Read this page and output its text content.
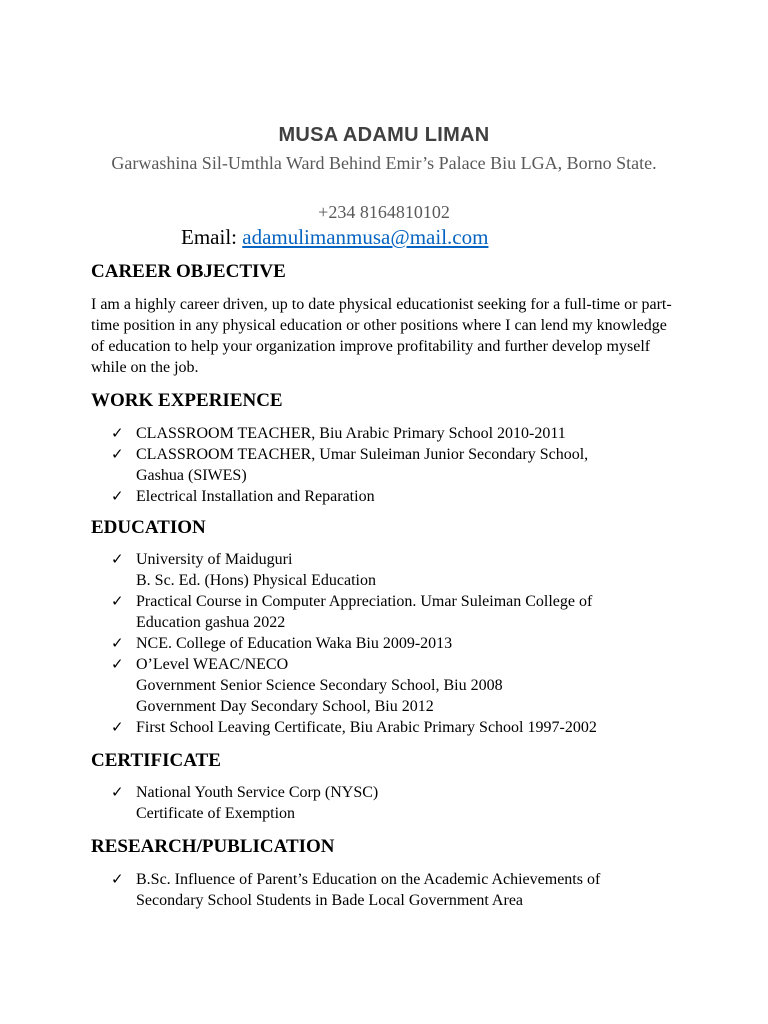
MUSA ADAMU LIMAN
Garwashina Sil-Umthla Ward Behind Emir’s Palace Biu LGA, Borno State.
+234 8164810102
Email: adamulimanmusa@mail.com
CAREER OBJECTIVE
I am a highly career driven, up to date physical educationist seeking for a full-time or part-time position in any physical education or other positions where I can lend my knowledge of education to help your organization improve profitability and further develop myself while on the job.
WORK EXPERIENCE
✓ CLASSROOM TEACHER, Biu Arabic Primary School 2010-2011
✓ CLASSROOM TEACHER, Umar Suleiman Junior Secondary School,
Gashua (SIWES)
✓ Electrical Installation and Reparation
EDUCATION
✓ University of Maiduguri
B. Sc. Ed. (Hons) Physical Education
✓ Practical Course in Computer Appreciation. Umar Suleiman College of
Education gashua 2022
✓ NCE. College of Education Waka Biu 2009-2013
✓ O’Level WEAC/NECO
Government Senior Science Secondary School, Biu 2008
Government Day Secondary School, Biu 2012
✓ First School Leaving Certificate, Biu Arabic Primary School 1997-2002
CERTIFICATE
✓ National Youth Service Corp (NYSC)
Certificate of Exemption
RESEARCH/PUBLICATION
✓ B.Sc. Influence of Parent’s Education on the Academic Achievements of
Secondary School Students in Bade Local Government Area
